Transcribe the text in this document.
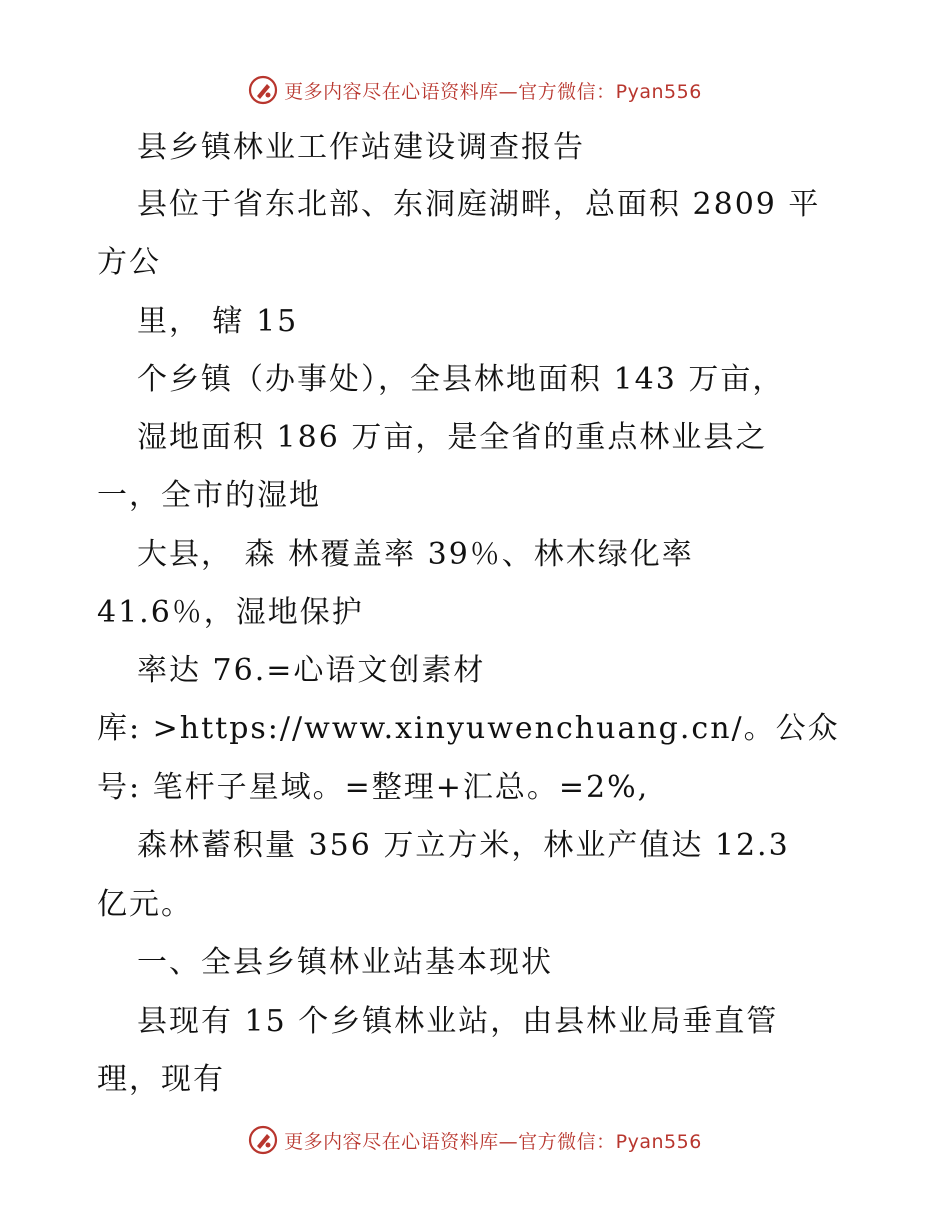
更多内容尽在心语资料库—官方微信：Pyan556
县乡镇林业工作站建设调查报告
县位于省东北部、东洞庭湖畔，总面积 2809 平
方公
里， 辖 15
个乡镇（办事处），全县林地面积 143 万亩，
湿地面积 186 万亩，是全省的重点林业县之
一，全市的湿地
大县， 森 林覆盖率 39％、林木绿化率
41.6％，湿地保护
率达 76.=心语文创素材
库: >https://www.xinyuwenchuang.cn/。公众
号: 笔杆子星域。=整理+汇总。=2%,
森林蓄积量 356 万立方米，林业产值达 12.3
亿元。
一、全县乡镇林业站基本现状
县现有 15 个乡镇林业站，由县林业局垂直管
理，现有
更多内容尽在心语资料库—官方微信：Pyan556
